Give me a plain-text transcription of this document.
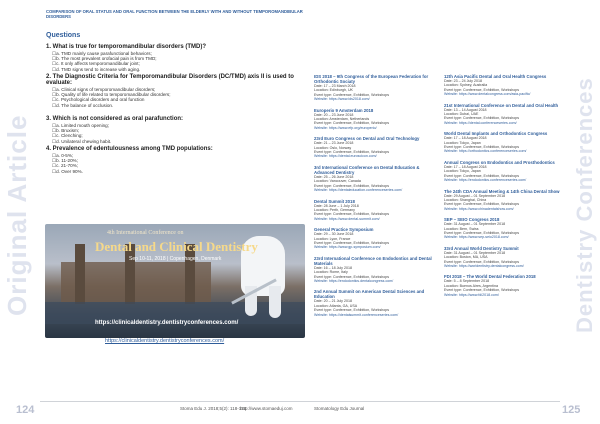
Original Article	Dentistry Conferences
COMPARISON OF ORAL STATUS AND ORAL FUNCTION BETWEEN THE ELDERLY WITH AND WITHOUT TEMPOROMANDIBULAR DISORDERS
Questions
1. What is true for temporomandibular disorders (TMD)?
☐a. TMD mainly cause parafunctional behaviors;
☐b. The most prevalent orofacial pain is from TMD;
☐c. It only affects temporomandibular joint;
☐d. TMD signs tend to increase with aging.
2. The Diagnostic Criteria for Temporomandibular Disorders (DC/TMD) axis II is used to evaluate:
☐a. Clinical signs of temporomandibular disorders;
☐b. Quality of life related to temporomandibular disorders;
☐c. Psychological disorders and oral function
☐d. The balance of occlusion.
3. Which is not considered as oral parafunction:
☐a. Limited mouth opening;
☐b. Bruxism;
☐c. Clenching;
☐d. Unilateral chewing habit.
4. Prevalence of edentulousness among TMD populations:
☐a. 0-5%;
☐b. 11-20%;
☐c. 21-70%;
☐d. Over 90%.
4th International Conference on
Dental and Clinical Dentistry
Sep 10-11, 2018 | Copenhagen, Denmark
https://clinicaldentistry.dentistryconferences.com/
https://clinicaldentistry.dentistryconferences.com/
IDS 2018 – 9th Congress of the European Federation for Orthodontic Sociaty
Date: 17 – 23 March 2018
Location: Edinburgh, UK
Event type: Conference, Exhibition, Workshops
Website: https://www.ids2018.com/
Europerio 9 Amsterdam 2018
Date: 20 – 23 June 2018
Location: Amsterdam, Netherlands
Event type: Conference, Exhibition, Workshops
Website: https://www.efp.org/europerio/
23rd Euro Congress on Dental and Oral Technology
Date: 21 – 23 June 2018
Location: Oslo, Norway
Event type: Conference, Exhibition, Workshops
Website: https://dental.euroscicon.com/
3rd International Conference on Dental Education & Advanced Dentistry
Date: 25 – 26 June 2018
Location: Vancouver, Canada
Event type: Conference, Exhibition, Workshops
Website: https://dentaleducation.conferenceseries.com/
Dental Summit 2018
Date: 28 June – 1 July 2018
Location: Perth, Germany
Event type: Conference, Exhibition, Workshops
Website: https://www.dental-summit.com/
General Practice Symposium
Date: 29 – 30 June 2018
Location: Lyon, France
Event type: Conference, Exhibition, Workshops
Website: https://www.gp-symposium.com/
23rd International Conference on Endodontics and Dental Materials
Date: 16 – 18 July 2018
Location: Rome, Italy
Event type: Conference, Exhibition, Workshops
Website: https://endodontics.dentalcongress.com/
2nd Annual Summit on American Dental Sciences and Education
Date: 20 – 21 July 2018
Location: Atlanta, GA, USA
Event type: Conference, Exhibition, Workshops
Website: https://dentalsummit.conferenceseries.com/
12th Asia Pacific Dental and Oral Health Congress
Date: 23 – 24 July 2018
Location: Sydney, Australia
Event type: Conference, Exhibition, Workshops
Website: https://www.dentalcongress.com/asia-pacific/
21st International Conference on Dental and Oral Health
Date: 13 – 14 August 2018
Location: Dubai, UAE
Event type: Conference, Exhibition, Workshops
Website: https://dental.conferenceseries.com/
World Dental Implants and Orthodontics Congress
Date: 17 – 18 August 2018
Location: Tokyo, Japan
Event type: Conference, Exhibition, Workshops
Website: https://orthodontics.conferenceseries.com/
Annual Congress on Endodontics and Prosthodontics
Date: 17 – 18 August 2018
Location: Tokyo, Japan
Event type: Conference, Exhibition, Workshops
Website: https://endodontics.conferenceseries.com/
The 24th CDA Annual Meeting & 14th China Dental Show
Date: 29 August – 01 September 2018
Location: Shanghai, China
Event type: Conference, Exhibition, Workshops
Website: https://www.chinadentalshow.com/
SEP – SEIO Congress 2018
Date: 31 August – 01 September 2018
Location: Bern, Swiss
Event type: Conference, Exhibition, Workshops
Website: https://www.sep-seio2018.com/
33rd Annual World Dentistry Summit
Date: 31 August – 01 September 2018
Location: Boston, MA, USA
Event type: Conference, Exhibition, Workshops
Website: https://worldentistry.dentalcongress.com/
FDI 2018 – The World Dental Federation 2018
Date: 5 – 8 September 2018
Location: Buenos Aires, Argentina
Event type: Conference, Exhibition, Workshops
Website: https://www.fdi2018.com/
124	Stoma Edu J. 2018;5(2): 118-124
http://www.stomaeduj.com	Stomatology Edu Journal	125
